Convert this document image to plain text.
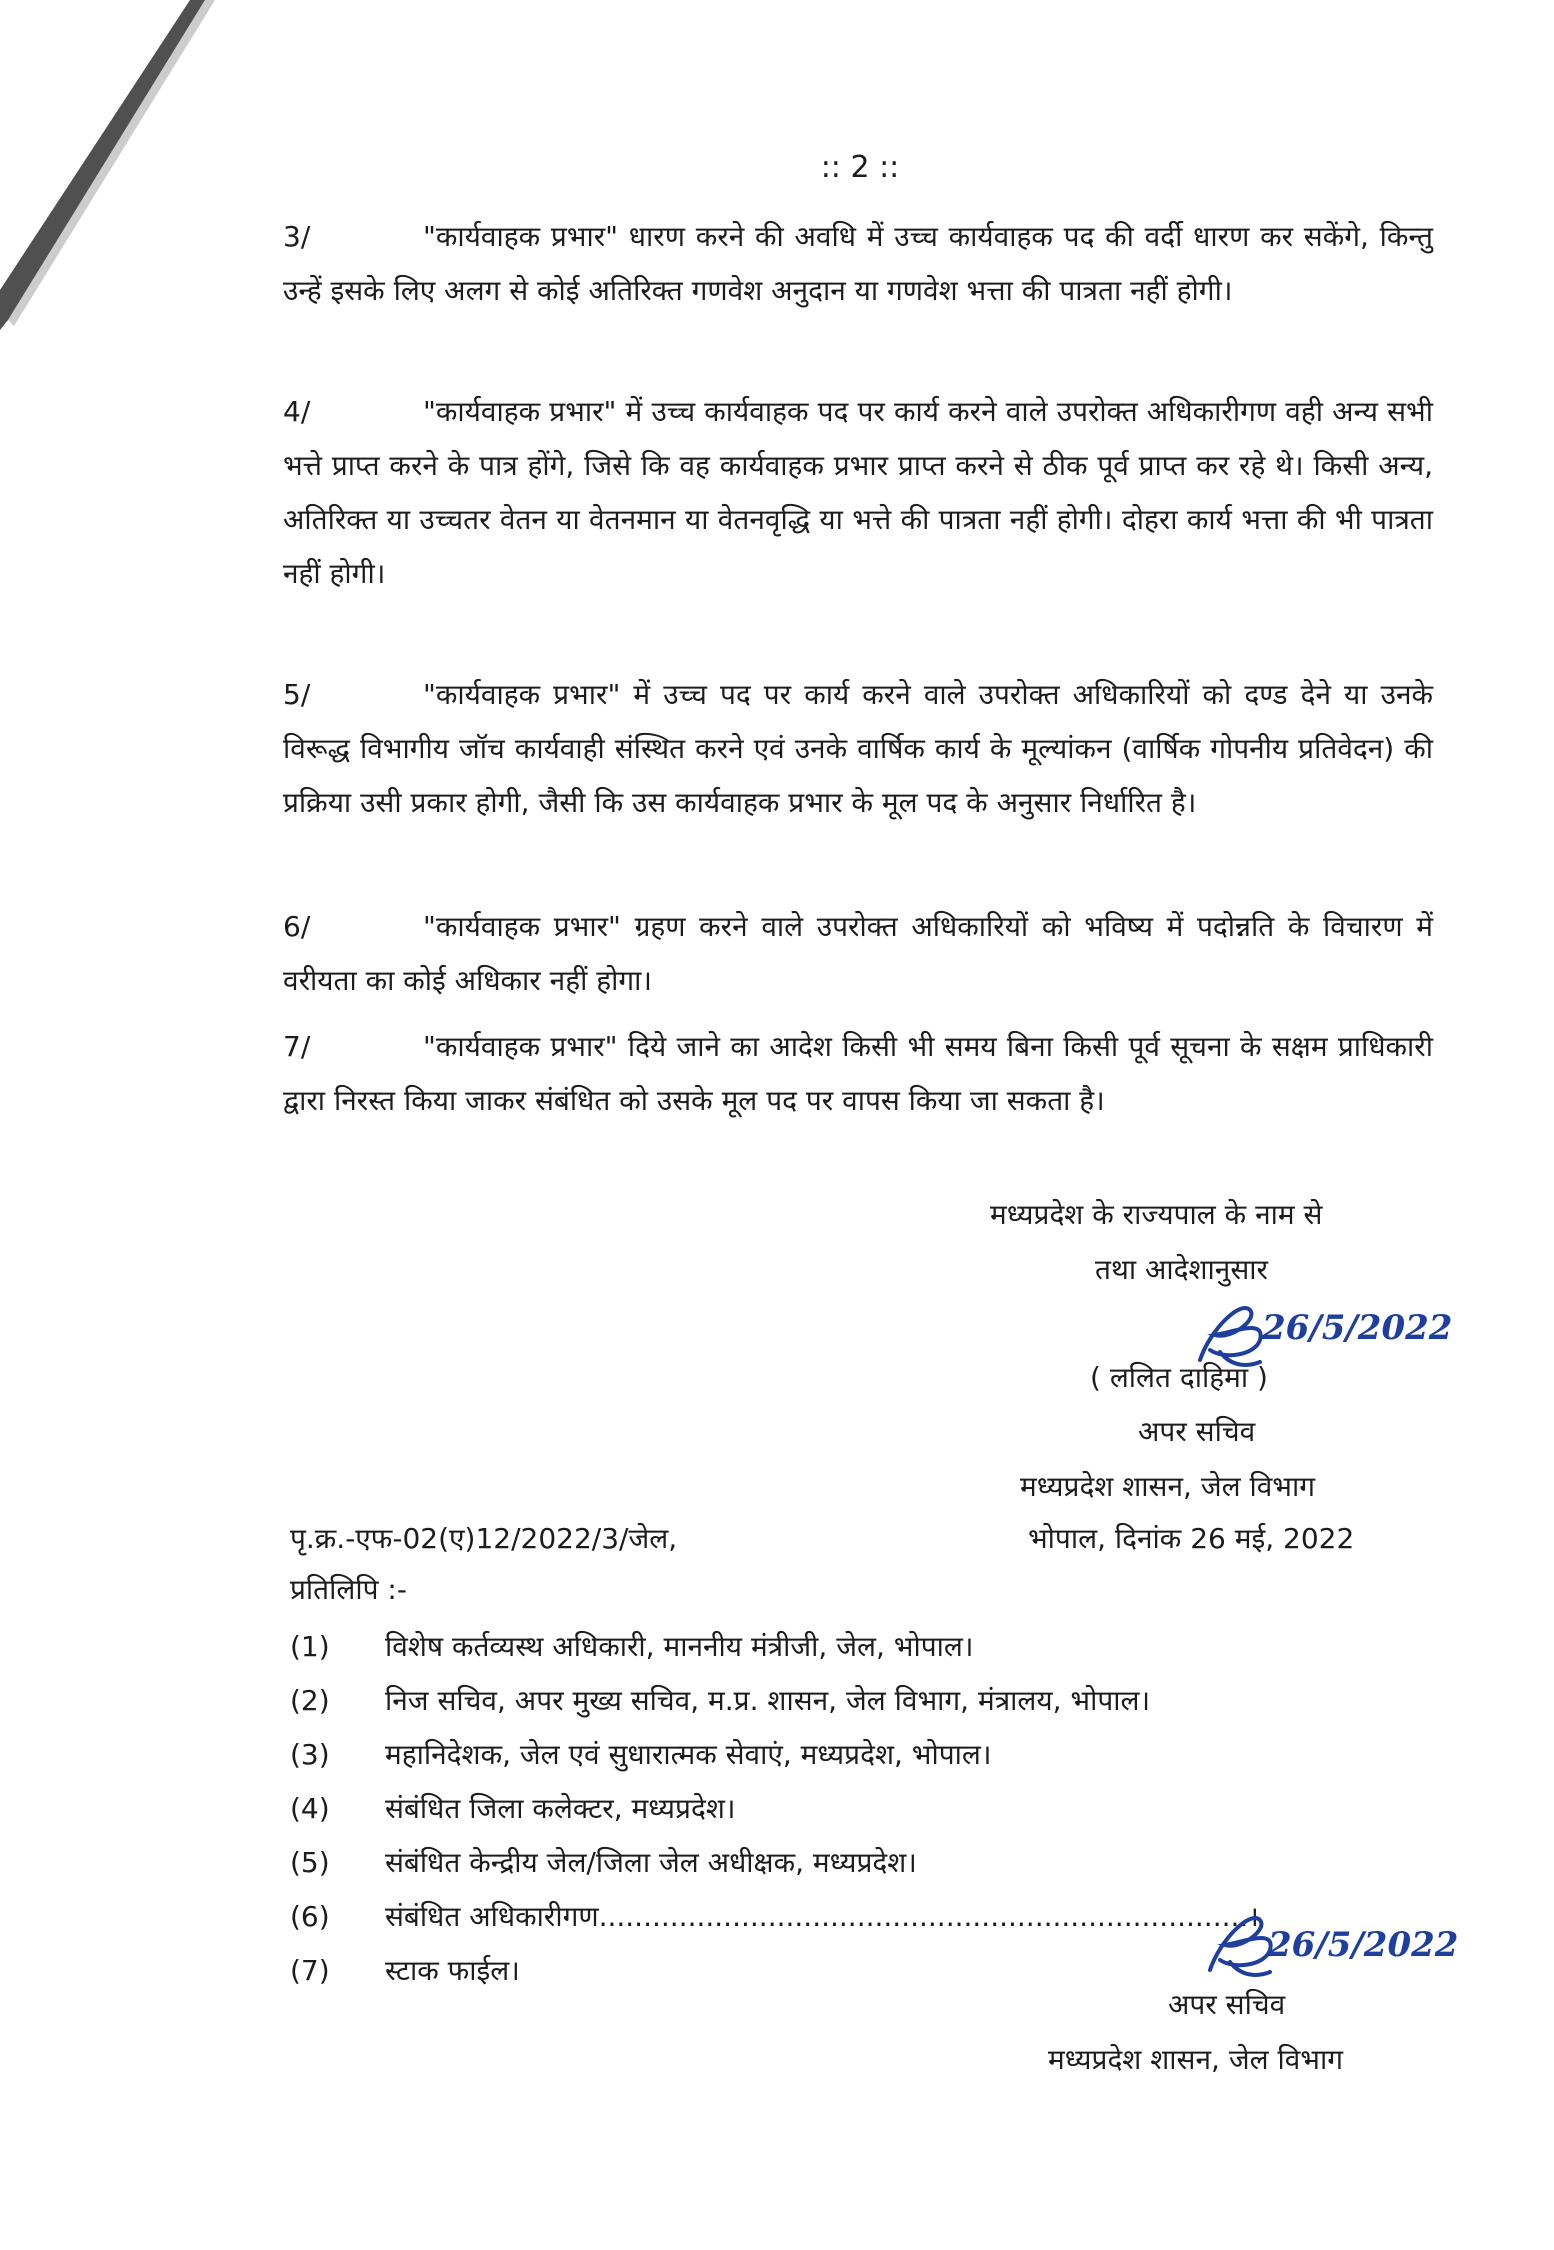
:: 2 ::
3/	"कार्यवाहक प्रभार" धारण करने की अवधि में उच्च कार्यवाहक पद की वर्दी धारण कर सकेंगे, किन्तु उन्हें इसके लिए अलग से कोई अतिरिक्त गणवेश अनुदान या गणवेश भत्ता की पात्रता नहीं होगी।
4/	"कार्यवाहक प्रभार" में उच्च कार्यवाहक पद पर कार्य करने वाले उपरोक्त अधिकारीगण वही अन्य सभी भत्ते प्राप्त करने के पात्र होंगे, जिसे कि वह कार्यवाहक प्रभार प्राप्त करने से ठीक पूर्व प्राप्त कर रहे थे। किसी अन्य, अतिरिक्त या उच्चतर वेतन या वेतनमान या वेतनवृद्धि या भत्ते की पात्रता नहीं होगी। दोहरा कार्य भत्ता की भी पात्रता नहीं होगी।
5/	"कार्यवाहक प्रभार" में उच्च पद पर कार्य करने वाले उपरोक्त अधिकारियों को दण्ड देने या उनके विरूद्ध विभागीय जॉच कार्यवाही संस्थित करने एवं उनके वार्षिक कार्य के मूल्यांकन (वार्षिक गोपनीय प्रतिवेदन) की प्रक्रिया उसी प्रकार होगी, जैसी कि उस कार्यवाहक प्रभार के मूल पद के अनुसार निर्धारित है।
6/	"कार्यवाहक प्रभार" ग्रहण करने वाले उपरोक्त अधिकारियों को भविष्य में पदोन्नति के विचारण में वरीयता का कोई अधिकार नहीं होगा।
7/	"कार्यवाहक प्रभार" दिये जाने का आदेश किसी भी समय बिना किसी पूर्व सूचना के सक्षम प्राधिकारी द्वारा निरस्त किया जाकर संबंधित को उसके मूल पद पर वापस किया जा सकता है।
मध्यप्रदेश के राज्यपाल के नाम से
तथा आदेशानुसार
26/5/2022
( ललित दाहिमा )
अपर सचिव
मध्यप्रदेश शासन, जेल विभाग
पृ.क्र.-एफ-02(ए)12/2022/3/जेल,	भोपाल, दिनांक 26 मई, 2022
प्रतिलिपि :-
(1) विशेष कर्तव्यस्थ अधिकारी, माननीय मंत्रीजी, जेल, भोपाल।
(2) निज सचिव, अपर मुख्य सचिव, म.प्र. शासन, जेल विभाग, मंत्रालय, भोपाल।
(3) महानिदेशक, जेल एवं सुधारात्मक सेवाएं, मध्यप्रदेश, भोपाल।
(4) संबंधित जिला कलेक्टर, मध्यप्रदेश।
(5) संबंधित केन्द्रीय जेल/जिला जेल अधीक्षक, मध्यप्रदेश।
(6) संबंधित अधिकारीगण.........................................................................।
(7) स्टाक फाईल।
26/5/2022
अपर सचिव
मध्यप्रदेश शासन, जेल विभाग
